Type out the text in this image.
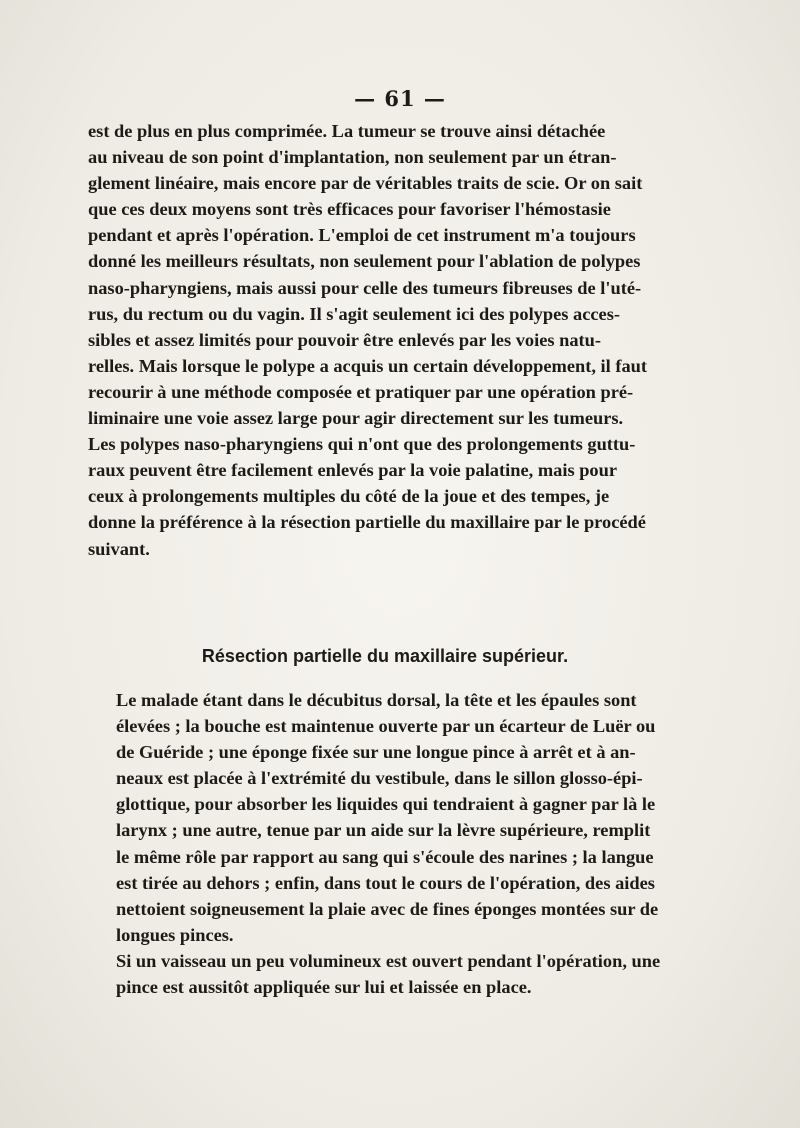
— 61 —

est de plus en plus comprimée. La tumeur se trouve ainsi détachée
au niveau de son point d'implantation, non seulement par un étran-
glement linéaire, mais encore par de véritables traits de scie. Or on sait
que ces deux moyens sont très efficaces pour favoriser l'hémostasie
pendant et après l'opération. L'emploi de cet instrument m'a toujours
donné les meilleurs résultats, non seulement pour l'ablation de polypes
naso-pharyngiens, mais aussi pour celle des tumeurs fibreuses de l'uté-
rus, du rectum ou du vagin. Il s'agit seulement ici des polypes acces-
sibles et assez limités pour pouvoir être enlevés par les voies natu-
relles. Mais lorsque le polype a acquis un certain développement, il faut
recourir à une méthode composée et pratiquer par une opération pré-
liminaire une voie assez large pour agir directement sur les tumeurs.
Les polypes naso-pharyngiens qui n'ont que des prolongements guttu-
raux peuvent être facilement enlevés par la voie palatine, mais pour
ceux à prolongements multiples du côté de la joue et des tempes, je
donne la préférence à la résection partielle du maxillaire par le procédé
suivant.

Résection partielle du maxillaire supérieur.

Le malade étant dans le décubitus dorsal, la tête et les épaules sont
élevées ; la bouche est maintenue ouverte par un écarteur de Luër ou
de Guéride ; une éponge fixée sur une longue pince à arrêt et à an-
neaux est placée à l'extrémité du vestibule, dans le sillon glosso-épi-
glottique, pour absorber les liquides qui tendraient à gagner par là le
larynx ; une autre, tenue par un aide sur la lèvre supérieure, remplit
le même rôle par rapport au sang qui s'écoule des narines ; la langue
est tirée au dehors ; enfin, dans tout le cours de l'opération, des aides
nettoient soigneusement la plaie avec de fines éponges montées sur de
longues pinces.

Si un vaisseau un peu volumineux est ouvert pendant l'opération, une
pince est aussitôt appliquée sur lui et laissée en place.
